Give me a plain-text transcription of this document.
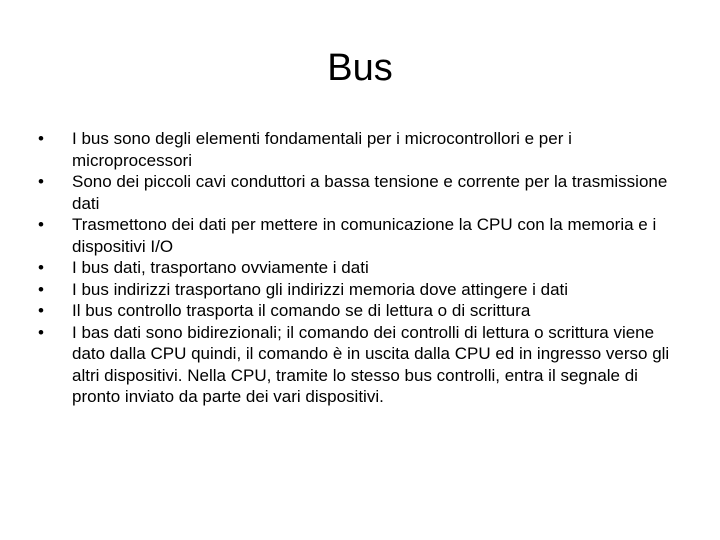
Bus
• I bus sono degli elementi fondamentali per i microcontrollori e per i microprocessori
• Sono dei piccoli cavi conduttori a bassa tensione e corrente per la trasmissione dati
• Trasmettono dei dati per mettere in comunicazione la CPU con la memoria e i dispositivi I/O
• I bus dati, trasportano ovviamente i dati
• I bus indirizzi trasportano gli indirizzi memoria dove attingere i dati
• Il bus controllo trasporta il comando se di lettura o di scrittura
• I bas dati sono bidirezionali; il comando dei controlli di lettura o scrittura viene dato dalla CPU quindi, il comando è in uscita dalla CPU ed in ingresso verso gli altri dispositivi. Nella CPU, tramite lo stesso bus controlli, entra il segnale di pronto inviato da parte dei vari dispositivi.
